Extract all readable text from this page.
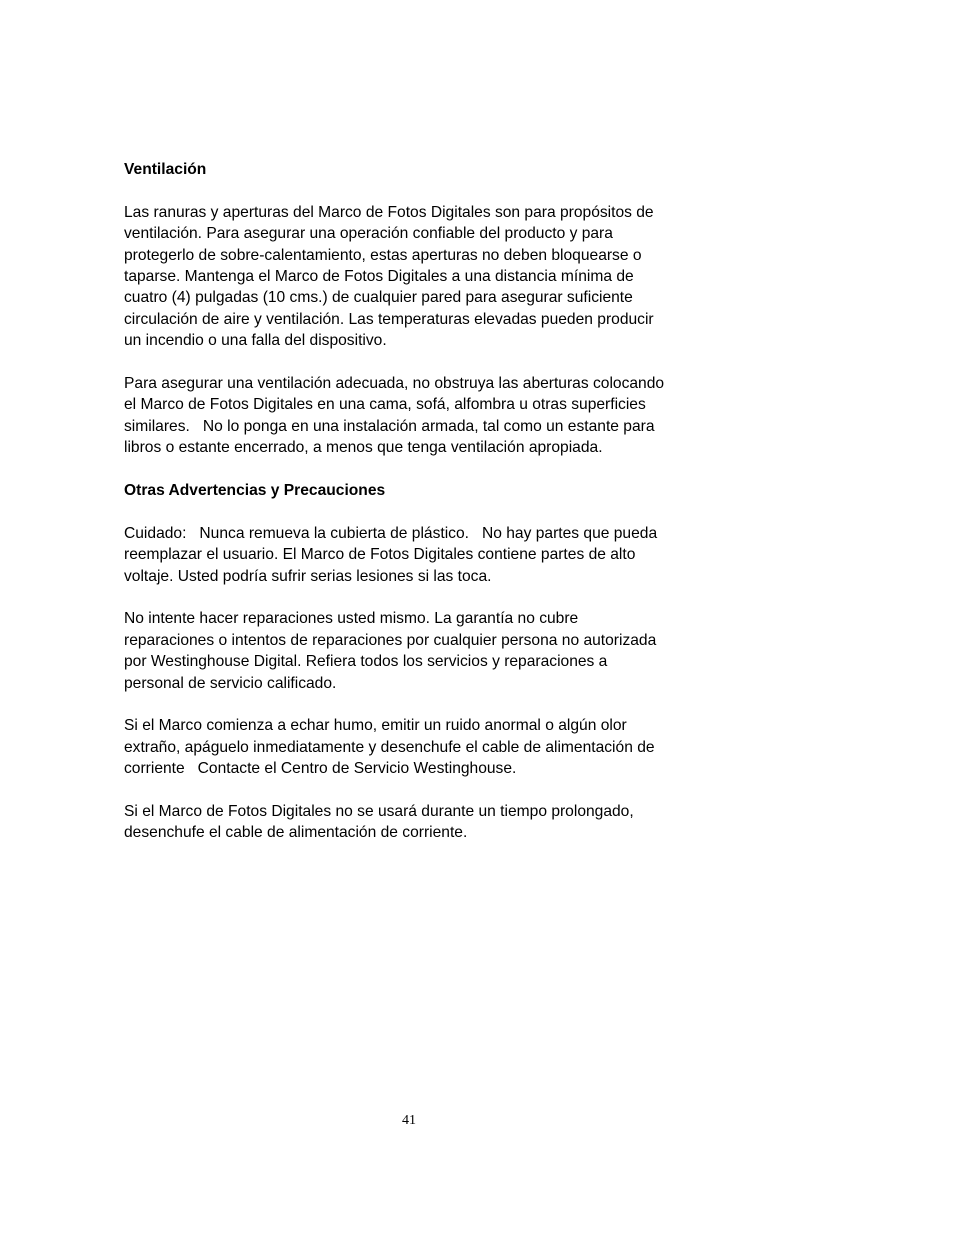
Ventilación

Las ranuras y aperturas del Marco de Fotos Digitales son para propósitos de
ventilación. Para asegurar una operación confiable del producto y para
protegerlo de sobre-calentamiento, estas aperturas no deben bloquearse o
taparse. Mantenga el Marco de Fotos Digitales a una distancia mínima de
cuatro (4) pulgadas (10 cms.) de cualquier pared para asegurar suficiente
circulación de aire y ventilación. Las temperaturas elevadas pueden producir
un incendio o una falla del dispositivo.

Para asegurar una ventilación adecuada, no obstruya las aberturas colocando
el Marco de Fotos Digitales en una cama, sofá, alfombra u otras superficies
similares.   No lo ponga en una instalación armada, tal como un estante para
libros o estante encerrado, a menos que tenga ventilación apropiada.

Otras Advertencias y Precauciones

Cuidado:   Nunca remueva la cubierta de plástico.   No hay partes que pueda
reemplazar el usuario. El Marco de Fotos Digitales contiene partes de alto
voltaje. Usted podría sufrir serias lesiones si las toca.

No intente hacer reparaciones usted mismo. La garantía no cubre
reparaciones o intentos de reparaciones por cualquier persona no autorizada
por Westinghouse Digital. Refiera todos los servicios y reparaciones a
personal de servicio calificado.

Si el Marco comienza a echar humo, emitir un ruido anormal o algún olor
extraño, apáguelo inmediatamente y desenchufe el cable de alimentación de
corriente   Contacte el Centro de Servicio Westinghouse.

Si el Marco de Fotos Digitales no se usará durante un tiempo prolongado,
desenchufe el cable de alimentación de corriente.

41
